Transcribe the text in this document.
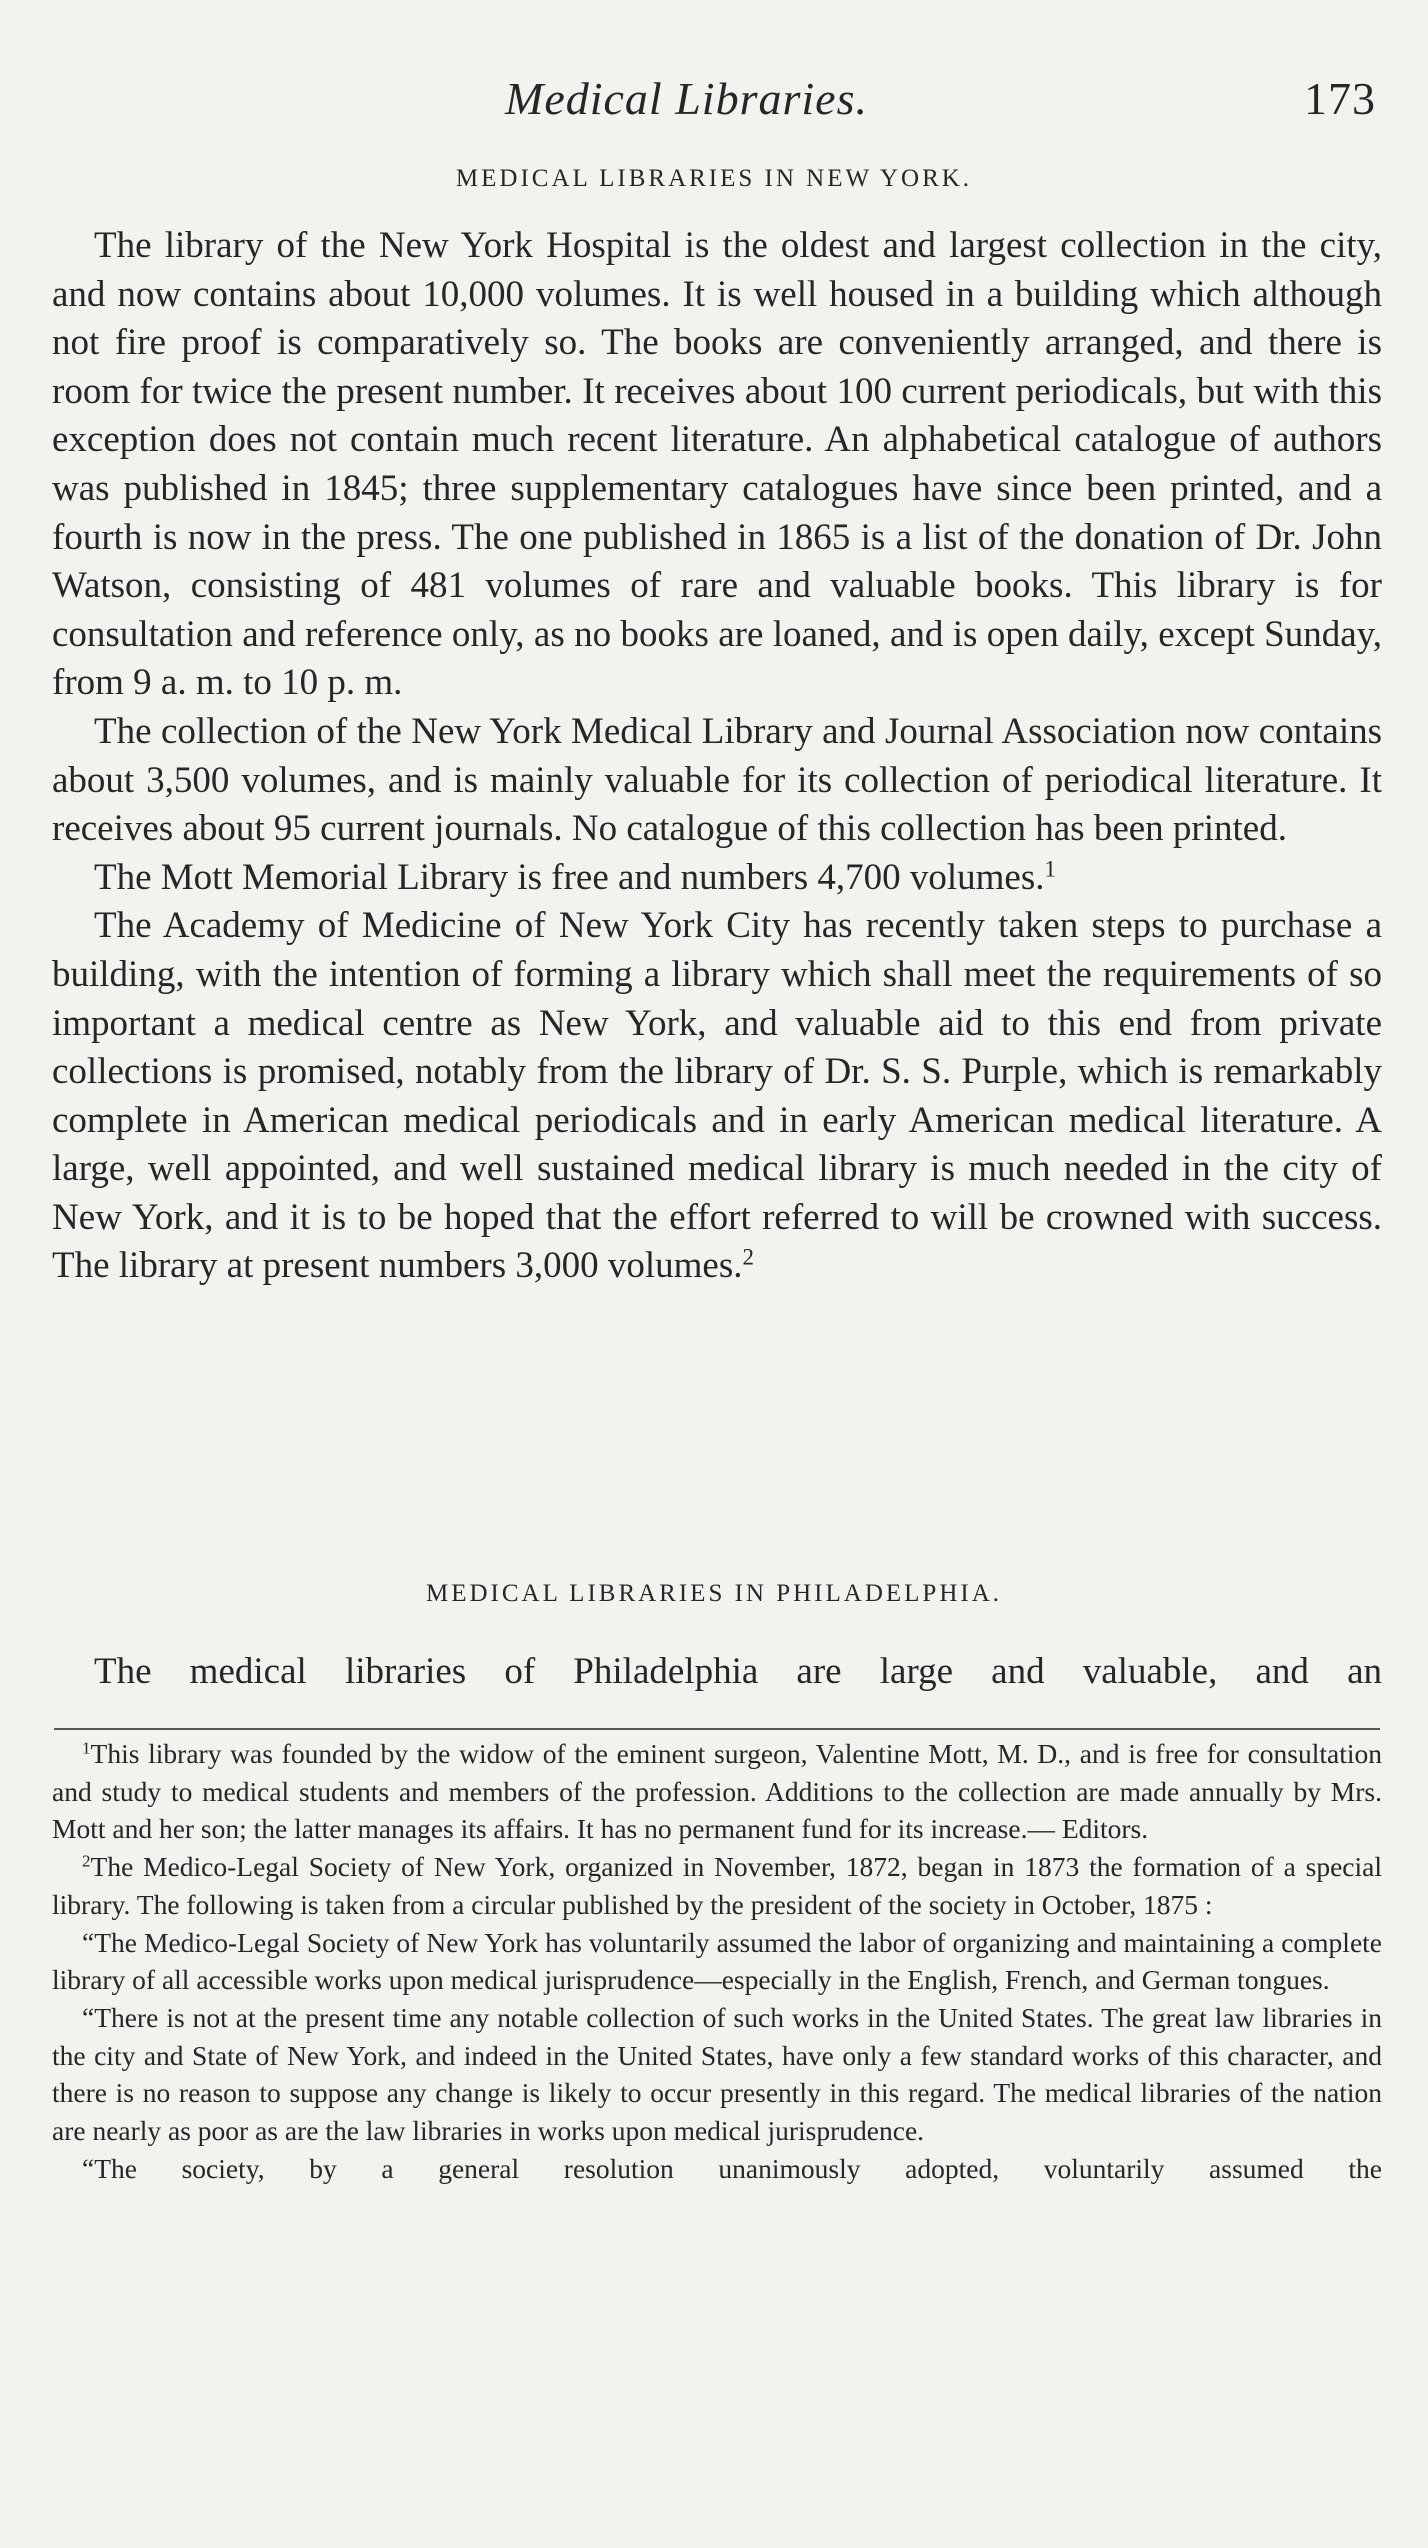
Medical Libraries.	173
MEDICAL LIBRARIES IN NEW YORK.

The library of the New York Hospital is the oldest and largest collection in the city, and now contains about 10,000 volumes. It is well housed in a building which although not fire proof is comparatively so. The books are conveniently arranged, and there is room for twice the present number. It receives about 100 current periodicals, but with this exception does not contain much recent literature. An alphabetical catalogue of authors was published in 1845; three supplementary catalogues have since been printed, and a fourth is now in the press. The one published in 1865 is a list of the donation of Dr. John Watson, consisting of 481 volumes of rare and valuable books. This library is for consultation and reference only, as no books are loaned, and is open daily, except Sunday, from 9 a. m. to 10 p. m.

The collection of the New York Medical Library and Journal Association now contains about 3,500 volumes, and is mainly valuable for its collection of periodical literature. It receives about 95 current journals. No catalogue of this collection has been printed.

The Mott Memorial Library is free and numbers 4,700 volumes.$^1$

The Academy of Medicine of New York City has recently taken steps to purchase a building, with the intention of forming a library which shall meet the requirements of so important a medical centre as New York, and valuable aid to this end from private collections is promised, notably from the library of Dr. S. S. Purple, which is remarkably complete in American medical periodicals and in early American medical literature. A large, well appointed, and well sustained medical library is much needed in the city of New York, and it is to be hoped that the effort referred to will be crowned with success. The library at present numbers 3,000 volumes.$^2$

MEDICAL LIBRARIES IN PHILADELPHIA.

The medical libraries of Philadelphia are large and valuable, and an

$^1$This library was founded by the widow of the eminent surgeon, Valentine Mott, M. D., and is free for consultation and study to medical students and members of the profession. Additions to the collection are made annually by Mrs. Mott and her son; the latter manages its affairs. It has no permanent fund for its increase.— Editors.

$^2$The Medico-Legal Society of New York, organized in November, 1872, began in 1873 the formation of a special library. The following is taken from a circular published by the president of the society in October, 1875 :

“The Medico-Legal Society of New York has voluntarily assumed the labor of organizing and maintaining a complete library of all accessible works upon medical jurisprudence—especially in the English, French, and German tongues.

“There is not at the present time any notable collection of such works in the United States. The great law libraries in the city and State of New York, and indeed in the United States, have only a few standard works of this character, and there is no reason to suppose any change is likely to occur presently in this regard. The medical libraries of the nation are nearly as poor as are the law libraries in works upon medical jurisprudence.

“The society, by a general resolution unanimously adopted, voluntarily assumed the
